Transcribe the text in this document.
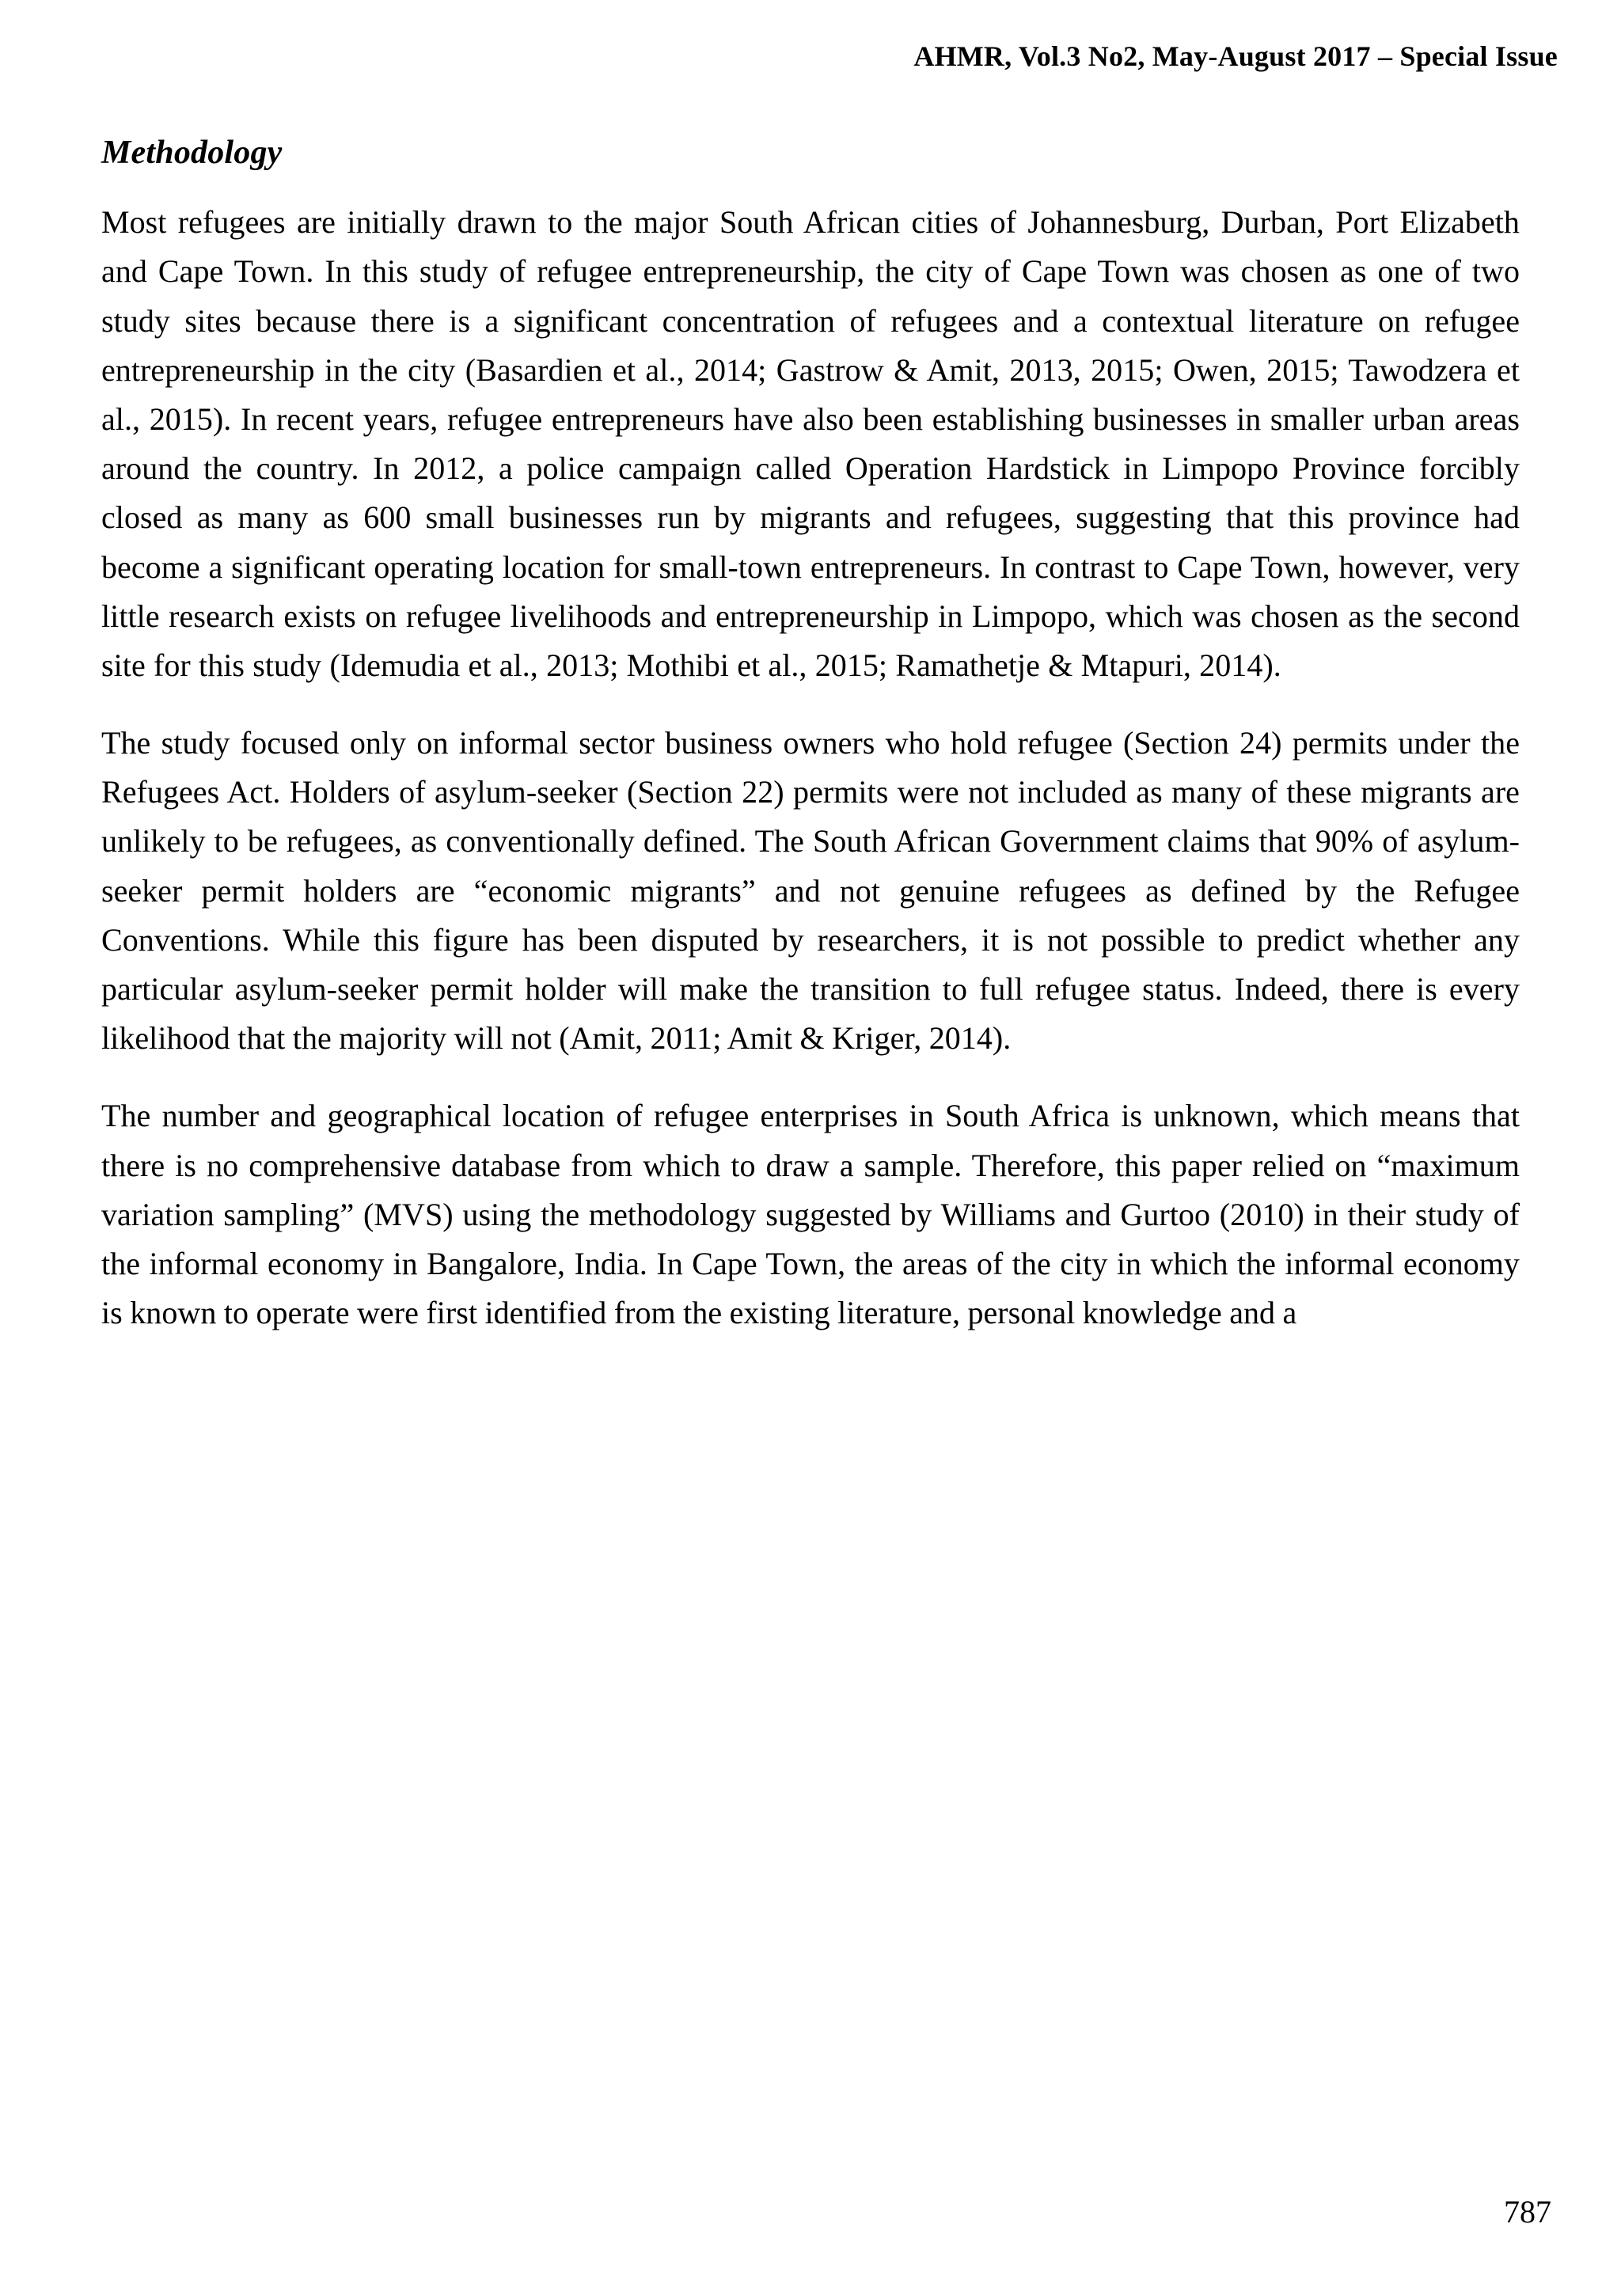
AHMR, Vol.3 No2, May-August 2017 – Special Issue
Methodology

Most refugees are initially drawn to the major South African cities of Johannesburg, Durban, Port Elizabeth and Cape Town. In this study of refugee entrepreneurship, the city of Cape Town was chosen as one of two study sites because there is a significant concentration of refugees and a contextual literature on refugee entrepreneurship in the city (Basardien et al., 2014; Gastrow & Amit, 2013, 2015; Owen, 2015; Tawodzera et al., 2015). In recent years, refugee entrepreneurs have also been establishing businesses in smaller urban areas around the country. In 2012, a police campaign called Operation Hardstick in Limpopo Province forcibly closed as many as 600 small businesses run by migrants and refugees, suggesting that this province had become a significant operating location for small-town entrepreneurs. In contrast to Cape Town, however, very little research exists on refugee livelihoods and entrepreneurship in Limpopo, which was chosen as the second site for this study (Idemudia et al., 2013; Mothibi et al., 2015; Ramathetje & Mtapuri, 2014).

The study focused only on informal sector business owners who hold refugee (Section 24) permits under the Refugees Act. Holders of asylum-seeker (Section 22) permits were not included as many of these migrants are unlikely to be refugees, as conventionally defined. The South African Government claims that 90% of asylum-seeker permit holders are “economic migrants” and not genuine refugees as defined by the Refugee Conventions. While this figure has been disputed by researchers, it is not possible to predict whether any particular asylum-seeker permit holder will make the transition to full refugee status. Indeed, there is every likelihood that the majority will not (Amit, 2011; Amit & Kriger, 2014).

The number and geographical location of refugee enterprises in South Africa is unknown, which means that there is no comprehensive database from which to draw a sample. Therefore, this paper relied on “maximum variation sampling” (MVS) using the methodology suggested by Williams and Gurtoo (2010) in their study of the informal economy in Bangalore, India. In Cape Town, the areas of the city in which the informal economy is known to operate were first identified from the existing literature, personal knowledge and a

787
